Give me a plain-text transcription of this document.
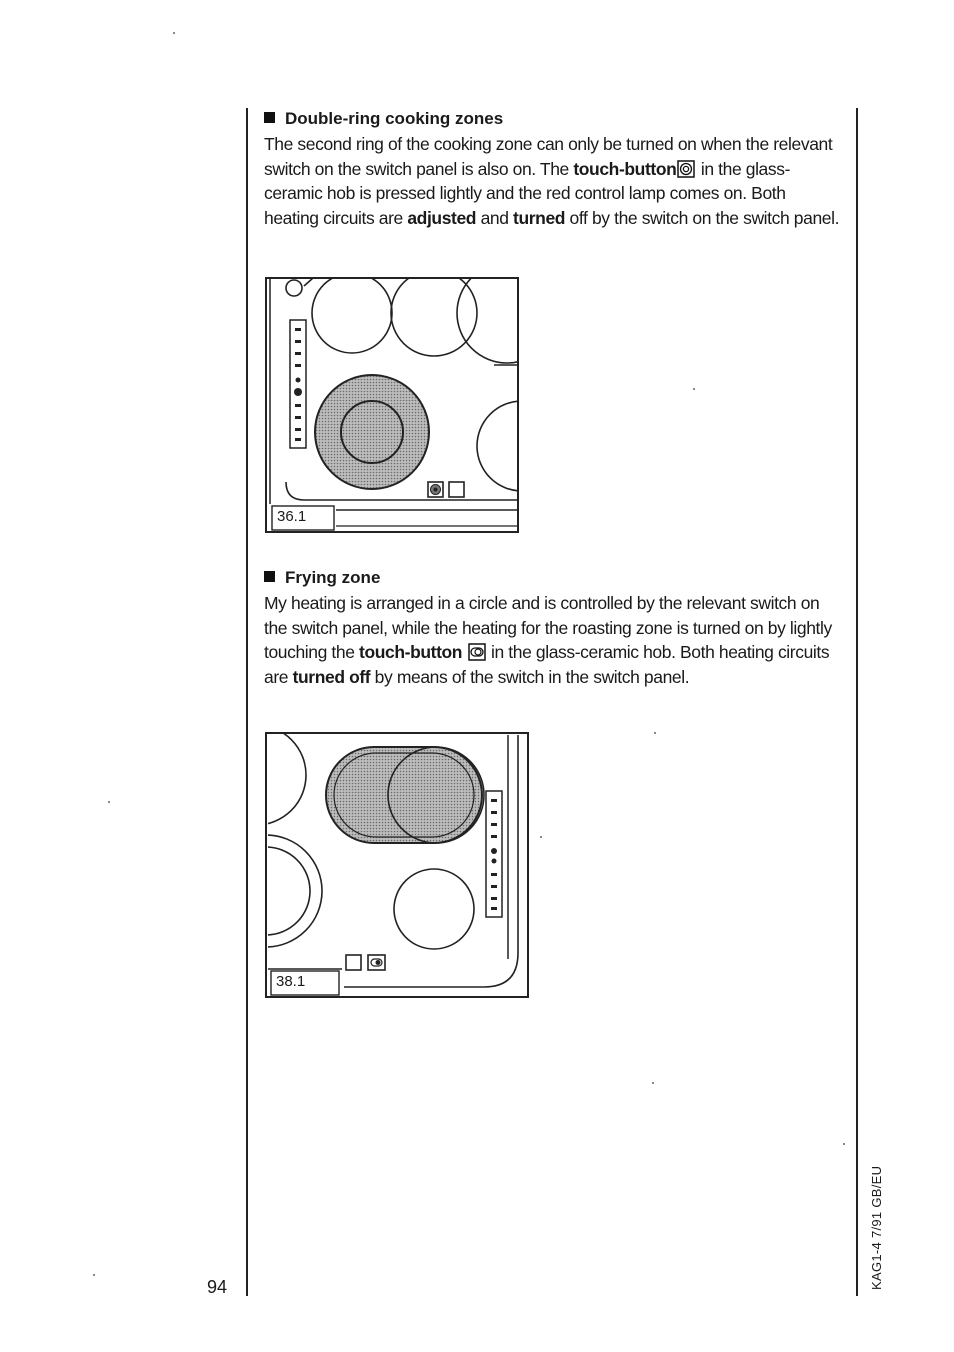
Double-ring cooking zones

The second ring of the cooking zone can only be turned on when the relevant switch on the switch panel is also on. The touch-button in the glass-ceramic hob is pressed lightly and the red control lamp comes on. Both heating circuits are adjusted and turned off by the switch on the switch panel.

36.1

Frying zone

My heating is arranged in a circle and is controlled by the relevant switch on the switch panel, while the heating for the roasting zone is turned on by lightly touching the touch-button  in the glass-ceramic hob. Both heating circuits are turned off by means of the switch in the switch panel.

38.1
94	KAG1-4 7/91 GB/EU
